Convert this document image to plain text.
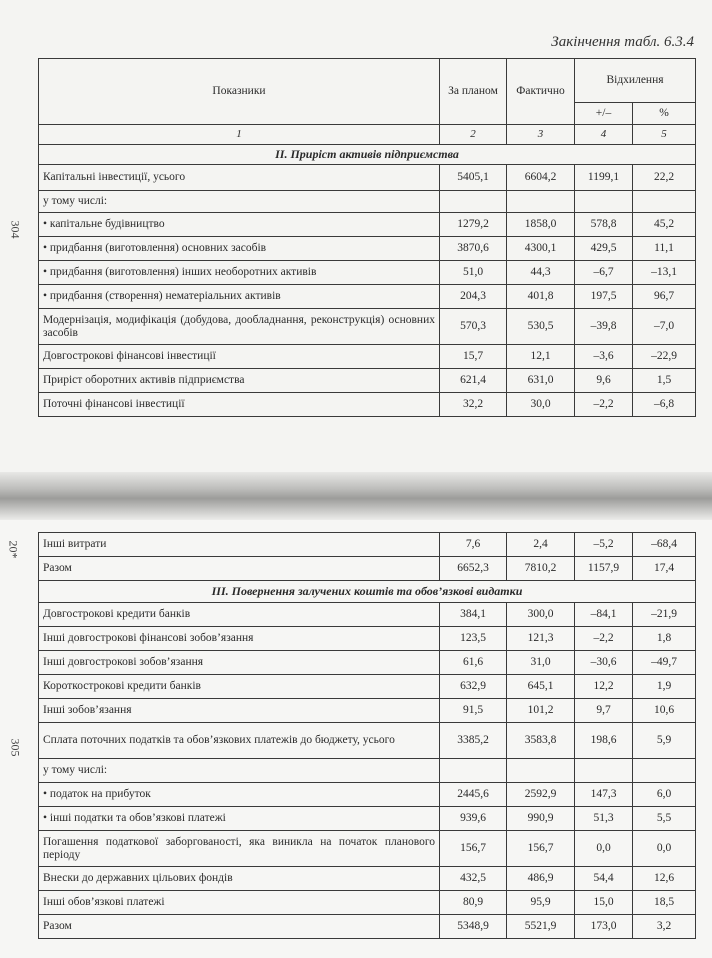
Закінчення табл. 6.3.4
304
20*
305
Показники	За планом	Фактично	Відхилення	
			+/–	%
1	2	3	4	5
II. Приріст активів підприємства				
Капітальні інвестиції, усього	5405,1	6604,2	1199,1	22,2
у тому числі:				
• капітальне будівництво	1279,2	1858,0	578,8	45,2
• придбання (виготовлення) основних засобів	3870,6	4300,1	429,5	11,1
• придбання (виготовлення) інших необоротних активів	51,0	44,3	–6,7	–13,1
• придбання (створення) нематеріальних активів	204,3	401,8	197,5	96,7
Модернізація, модифікація (добудова, дообладнання, реконструкція) основних засобів	570,3	530,5	–39,8	–7,0
Довгострокові фінансові інвестиції	15,7	12,1	–3,6	–22,9
Приріст оборотних активів підприємства	621,4	631,0	9,6	1,5
Поточні фінансові інвестиції	32,2	30,0	–2,2	–6,8
Інші витрати	7,6	2,4	–5,2	–68,4
Разом	6652,3	7810,2	1157,9	17,4
III. Повернення залучених коштів та обов’язкові видатки				
Довгострокові кредити банків	384,1	300,0	–84,1	–21,9
Інші довгострокові фінансові зобов’язання	123,5	121,3	–2,2	1,8
Інші довгострокові зобов’язання	61,6	31,0	–30,6	–49,7
Короткострокові кредити банків	632,9	645,1	12,2	1,9
Інші зобов’язання	91,5	101,2	9,7	10,6
Сплата поточних податків та обов’язкових платежів до бюджету, усього	3385,2	3583,8	198,6	5,9
у тому числі:				
• податок на прибуток	2445,6	2592,9	147,3	6,0
• інші податки та обов’язкові платежі	939,6	990,9	51,3	5,5
Погашення податкової заборгованості, яка виникла на початок планового періоду	156,7	156,7	0,0	0,0
Внески до державних цільових фондів	432,5	486,9	54,4	12,6
Інші обов’язкові платежі	80,9	95,9	15,0	18,5
Разом	5348,9	5521,9	173,0	3,2
